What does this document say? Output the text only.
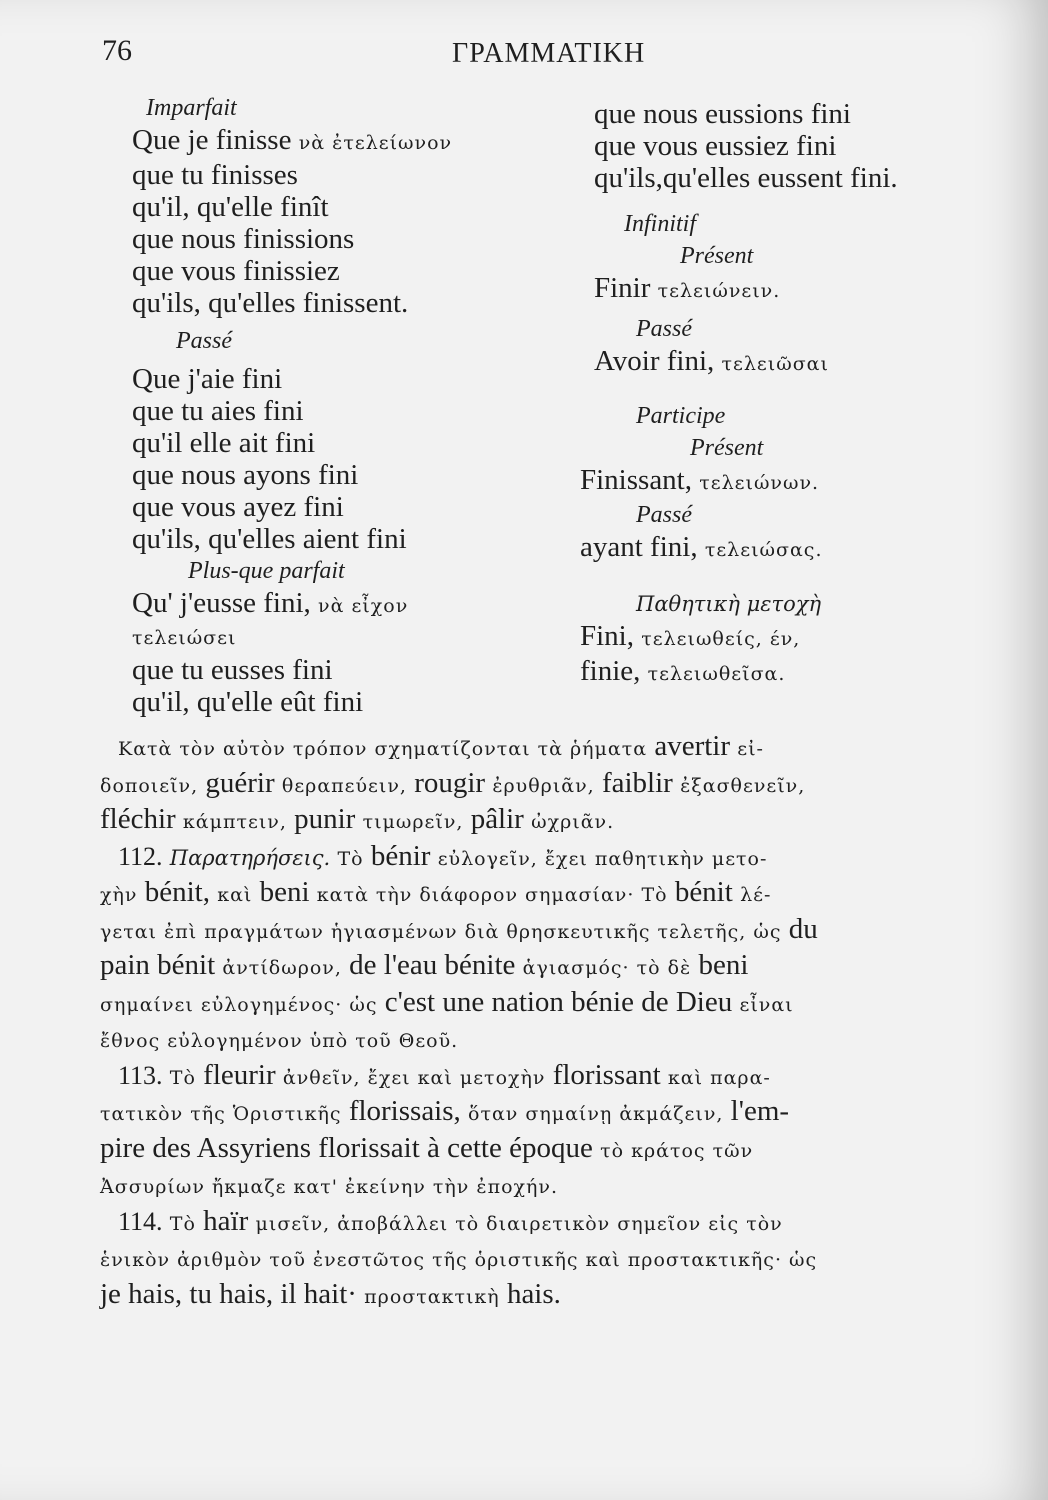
76	ΓΡΑΜΜΑΤΙΚΗ
Imparfait
Que je finisse νὰ ἐτελείωνον
que tu finisses
qu'il, qu'elle finît
que nous finissions
que vous finissiez
qu'ils, qu'elles finissent.
Passé
Que j'aie fini
que tu aies fini
qu'il elle ait fini
que nous ayons fini
que vous ayez fini
qu'ils, qu'elles aient fini
Plus-que parfait
Qu' j'eusse fini, νὰ εἶχον
τελειώσει
que tu eusses fini
qu'il, qu'elle eût fini
que nous eussions fini
que vous eussiez fini
qu'ils,qu'elles eussent fini.
Infinitif
Présent
Finir τελειώνειν.
Passé
Avoir fini, τελειῶσαι
Participe
Présent
Finissant, τελειώνων.
Passé
ayant fini, τελειώσας.
Παθητικὴ μετοχὴ
Fini, τελειωθείς, έν,
finie, τελειωθεῖσα.
Κατὰ τὸν αὐτὸν τρόπον σχηματίζονται τὰ ῥήματα avertir εἰ-
δοποιεῖν, guérir θεραπεύειν, rougir ἐρυθριᾶν, faiblir ἐξασθενεῖν,
fléchir κάμπτειν, punir τιμωρεῖν, pâlir ὠχριᾶν.
112. Παρατηρήσεις. Τὸ bénir εὐλογεῖν, ἔχει παθητικὴν μετο-
χὴν bénit, καὶ beni κατὰ τὴν διάφορον σημασίαν· Τὸ bénit λέ-
γεται ἐπὶ πραγμάτων ἡγιασμένων διὰ θρησκευτικῆς τελετῆς, ὡς du
pain bénit ἀντίδωρον, de l'eau bénite ἁγιασμός· τὸ δὲ beni
σημαίνει εὐλογημένος· ὡς c'est une nation bénie de Dieu εἶναι
ἔθνος εὐλογημένον ὑπὸ τοῦ Θεοῦ.
113. Τὸ fleurir ἀνθεῖν, ἔχει καὶ μετοχὴν florissant καὶ παρα-
τατικὸν τῆς Ὁριστικῆς florissais, ὅταν σημαίνῃ ἀκμάζειν, l'em-
pire des Assyriens florissait à cette époque τὸ κράτος τῶν
Ἀσσυρίων ἤκμαζε κατ' ἐκείνην τὴν ἐποχήν.
114. Τὸ haïr μισεῖν, ἀποβάλλει τὸ διαιρετικὸν σημεῖον εἰς τὸν
ἑνικὸν ἀριθμὸν τοῦ ἐνεστῶτος τῆς ὁριστικῆς καὶ προστακτικῆς· ὡς
je hais, tu hais, il hait· προστακτικὴ hais.
